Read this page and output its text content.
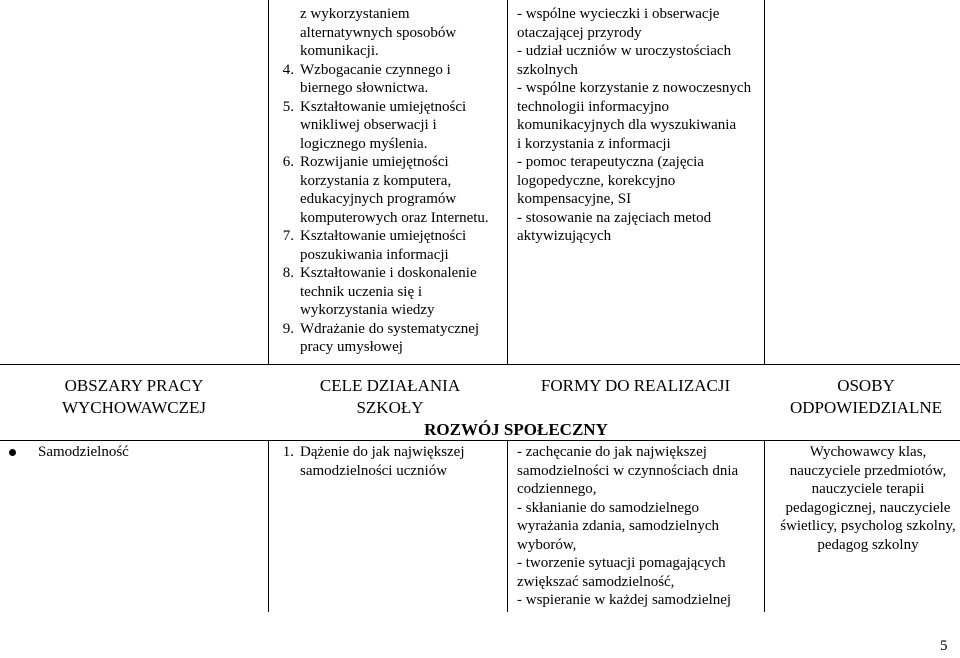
z wykorzystaniem alternatywnych sposobów komunikacji.
4. Wzbogacanie czynnego i biernego słownictwa.
5. Kształtowanie umiejętności wnikliwej obserwacji i logicznego myślenia.
6. Rozwijanie umiejętności korzystania z komputera, edukacyjnych programów komputerowych oraz Internetu.
7. Kształtowanie umiejętności poszukiwania informacji
8. Kształtowanie i doskonalenie technik uczenia się i wykorzystania wiedzy
9. Wdrażanie do systematycznej pracy umysłowej

- wspólne wycieczki i obserwacje otaczającej przyrody

- udział uczniów w uroczystościach szkolnych

- wspólne korzystanie z nowoczesnych technologii informacyjno komunikacyjnych dla wyszukiwania

i korzystania z informacji

- pomoc terapeutyczna (zajęcia logopedyczne, korekcyjno kompensacyjne, SI

- stosowanie na zajęciach metod aktywizujących

OBSZARY PRACY WYCHOWAWCZEJ
CELE DZIAŁANIA SZKOŁY
FORMY DO REALIZACJI	OSOBY ODPOWIEDZIALNE
ROZWÓJ SPOŁECZNY
Samodzielność	1. Dążenie do jak największej samodzielności uczniów

- zachęcanie do jak największej samodzielności w czynnościach dnia codziennego,

- skłanianie do samodzielnego wyrażania zdania, samodzielnych wyborów,

- tworzenie sytuacji pomagających zwiększać samodzielność,

- wspieranie w każdej samodzielnej

Wychowawcy klas, nauczyciele przedmiotów, nauczyciele terapii pedagogicznej, nauczyciele świetlicy, psycholog szkolny, pedagog szkolny
5
